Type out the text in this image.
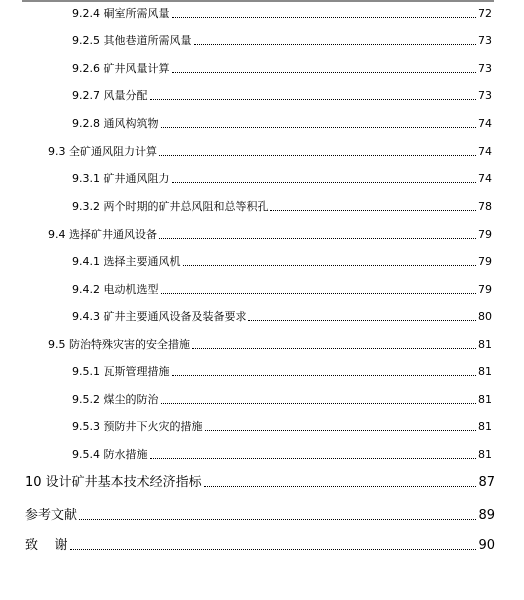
9.2.4 硐室所需风量	72
9.2.5 其他巷道所需风量	73
9.2.6 矿井风量计算	73
9.2.7 风量分配	73
9.2.8 通风构筑物	74
9.3 全矿通风阻力计算	74
9.3.1 矿井通风阻力	74
9.3.2 两个时期的矿井总风阻和总等积孔	78
9.4 选择矿井通风设备	79
9.4.1 选择主要通风机	79
9.4.2 电动机选型	79
9.4.3 矿井主要通风设备及装备要求	80
9.5 防治特殊灾害的安全措施	81
9.5.1 瓦斯管理措施	81
9.5.2 煤尘的防治	81
9.5.3 预防井下火灾的措施	81
9.5.4 防水措施	81
10 设计矿井基本技术经济指标	87
参考文献	89
致    谢	90
